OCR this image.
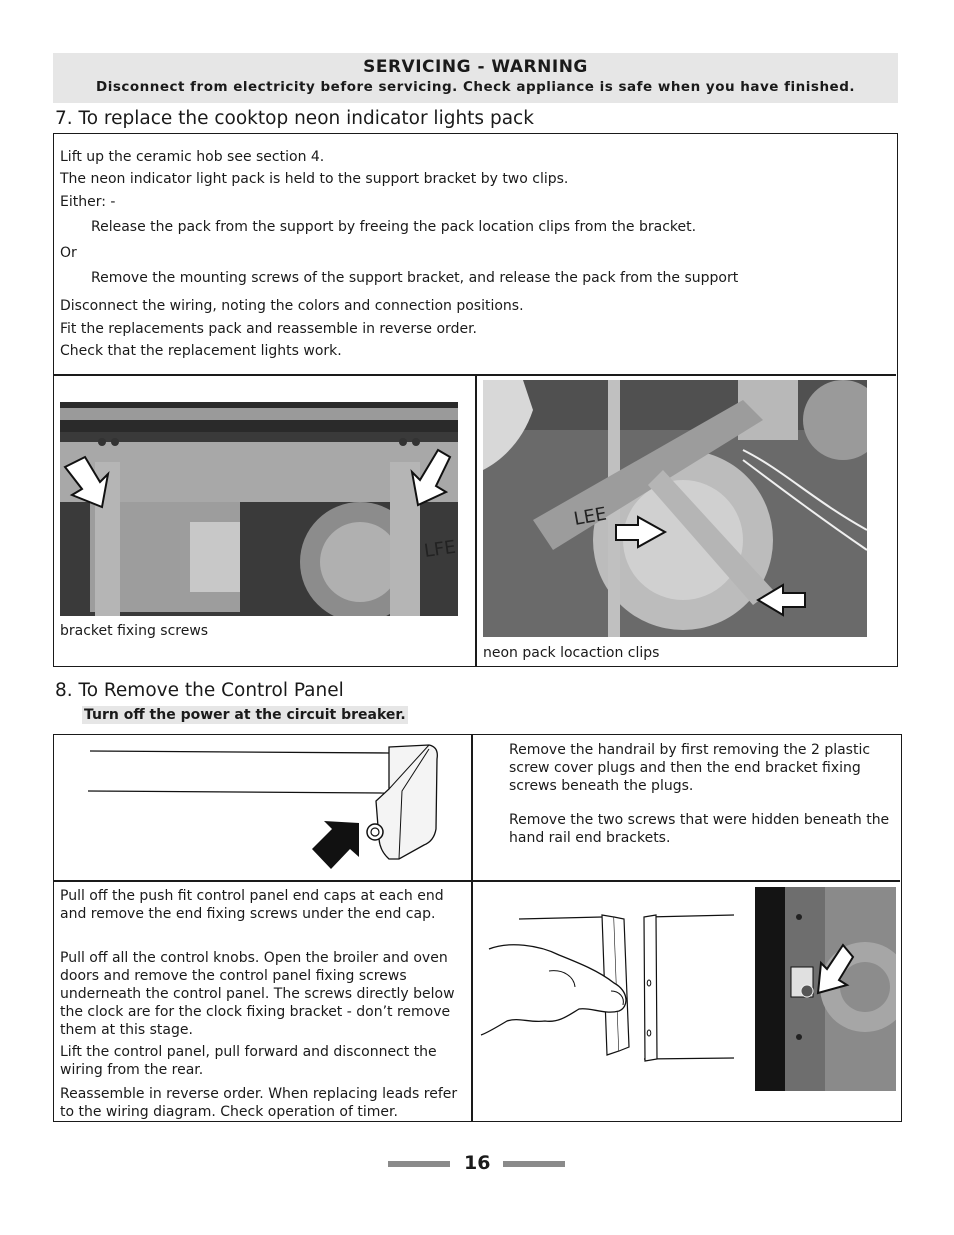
SERVICING - WARNING
Disconnect from electricity before servicing. Check appliance is safe when you have finished.
7. To replace the cooktop neon indicator lights pack
Lift up the ceramic hob see section 4.
The neon indicator light pack is held to the support bracket by two clips.
Either: -
Release the pack from the support by freeing the pack location clips from the bracket.
Or
Remove the mounting screws of the support bracket, and release the pack from the support
Disconnect the wiring, noting the colors and connection positions.
Fit the replacements pack and reassemble in reverse order.
Check that the replacement lights work.
LFE
bracket fixing screws
LEE
neon pack locaction clips
8. To Remove the Control Panel
Turn off the power at the circuit breaker.
Remove the handrail by first removing the 2 plastic screw cover plugs and then the end bracket fixing screws beneath the plugs.
Remove the two screws that were hidden beneath the hand rail end brackets.
Pull off the push fit control panel end caps at each end and remove the end fixing screws under the end cap.
Pull off all the control knobs. Open the broiler and oven doors and remove the control panel fixing screws underneath the control panel. The screws directly below the clock are for the clock fixing bracket - don’t remove them at this stage.
Lift the control panel, pull forward and disconnect the wiring from the rear.
Reassemble in reverse order. When replacing leads refer to the wiring diagram. Check operation of timer.
16
